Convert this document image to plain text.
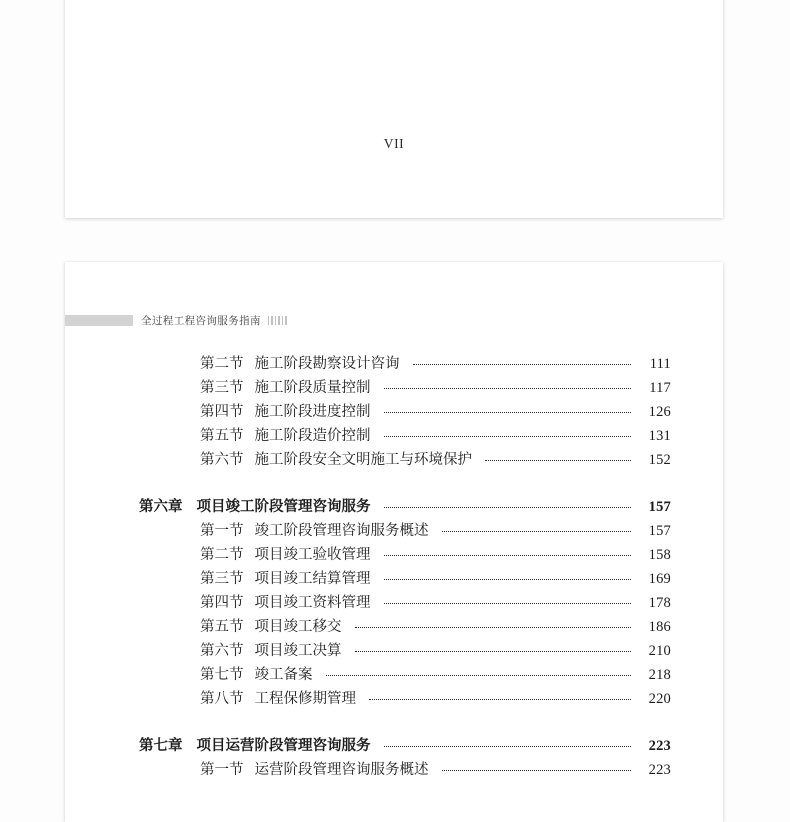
VII
全过程工程咨询服务指南
第二节 施工阶段勘察设计咨询	111
第三节 施工阶段质量控制	117
第四节 施工阶段进度控制	126
第五节 施工阶段造价控制	131
第六节 施工阶段安全文明施工与环境保护	152
第六章 项目竣工阶段管理咨询服务	157
第一节 竣工阶段管理咨询服务概述	157
第二节 项目竣工验收管理	158
第三节 项目竣工结算管理	169
第四节 项目竣工资料管理	178
第五节 项目竣工移交	186
第六节 项目竣工决算	210
第七节 竣工备案	218
第八节 工程保修期管理	220
第七章 项目运营阶段管理咨询服务	223
第一节 运营阶段管理咨询服务概述	223
